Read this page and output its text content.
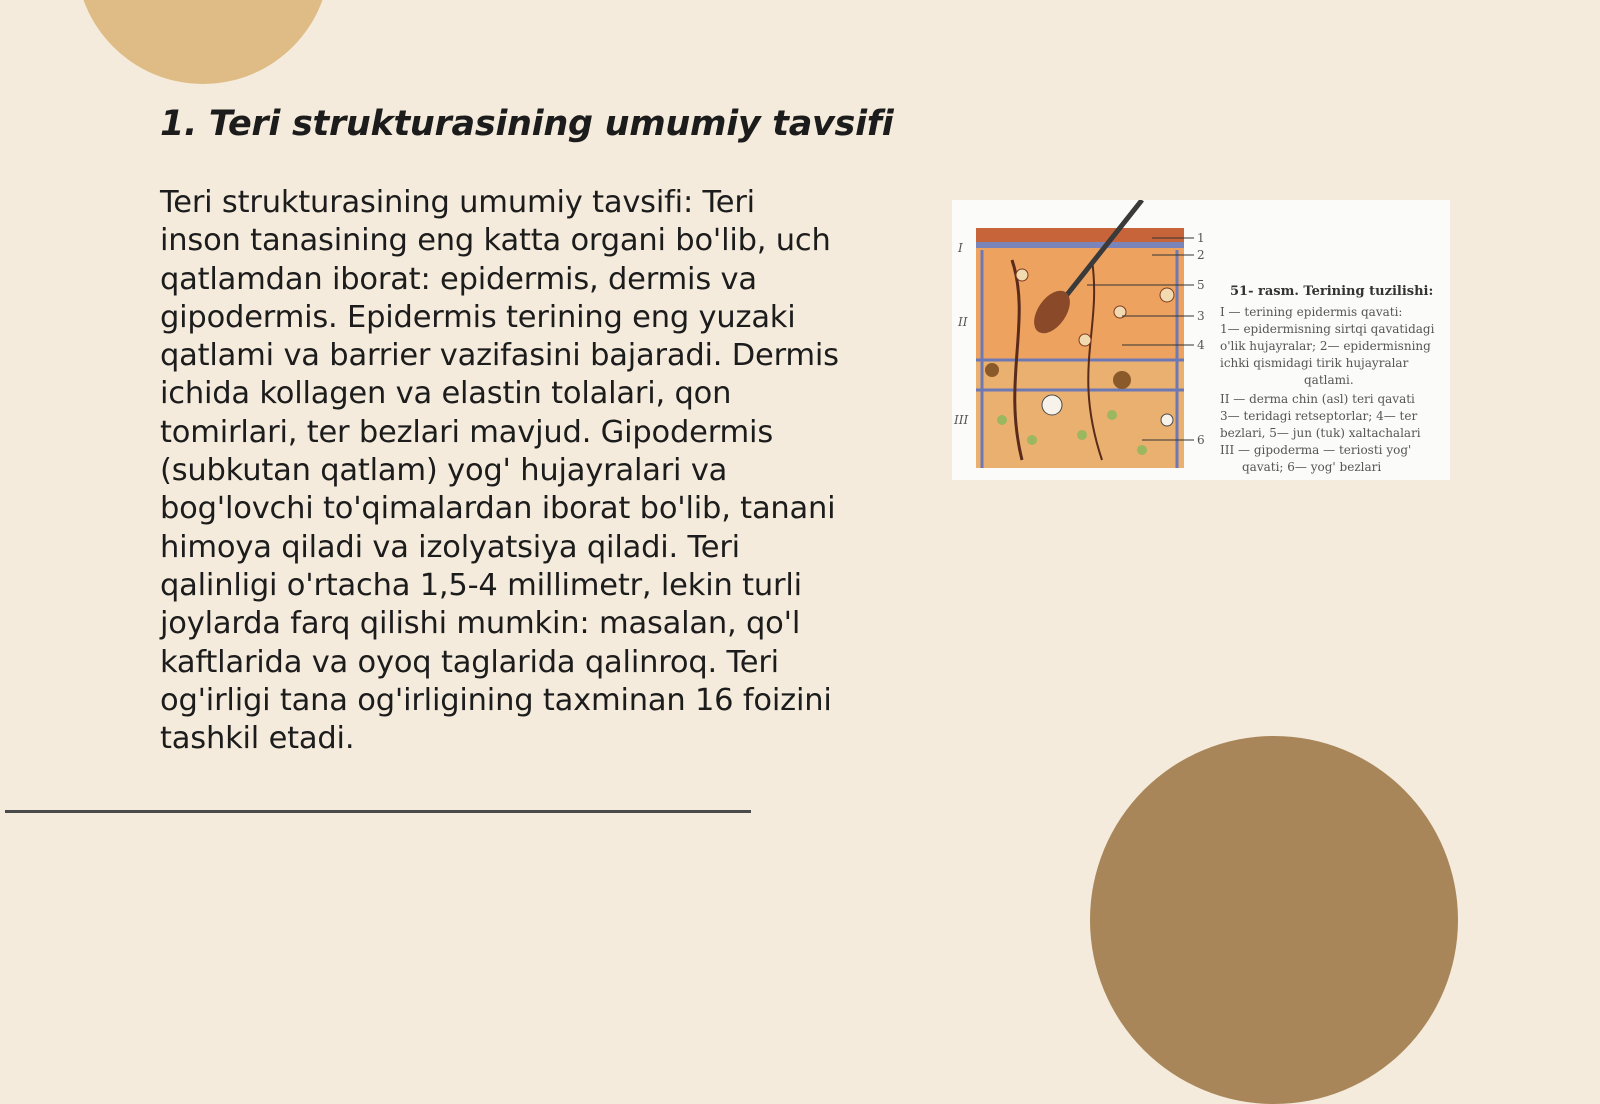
1. Teri strukturasining umumiy tavsifi

Teri strukturasining umumiy tavsifi: Teri inson tanasining eng katta organi bo'lib, uch qatlamdan iborat: epidermis, dermis va gipodermis. Epidermis terining eng yuzaki qatlami va barrier vazifasini bajaradi. Dermis ichida kollagen va elastin tolalari, qon tomirlari, ter bezlari mavjud. Gipodermis (subkutan qatlam) yog' hujayralari va bog'lovchi to'qimalardan iborat bo'lib, tanani himoya qiladi va izolyatsiya qiladi. Teri qalinligi o'rtacha 1,5-4 millimetr, lekin turli joylarda farq qilishi mumkin: masalan, qo'l kaftlarida va oyoq taglarida qalinroq. Teri og'irligi tana og'irligining taxminan 16 foizini tashkil etadi.

I
II
III
1
2
5
3
4
6
51- rasm. Terining tuzilishi:
I — terining epidermis qavati:
1— epidermisning sirtqi qavatidagi
o'lik hujayralar; 2— epidermisning
ichki qismidagi tirik hujayralar
qatlami.
II — derma chin (asl) teri qavati
3— teridagi retseptorlar; 4— ter
bezlari, 5— jun (tuk) xaltachalari
III — gipoderma — teriosti yog'
qavati; 6— yog' bezlari
